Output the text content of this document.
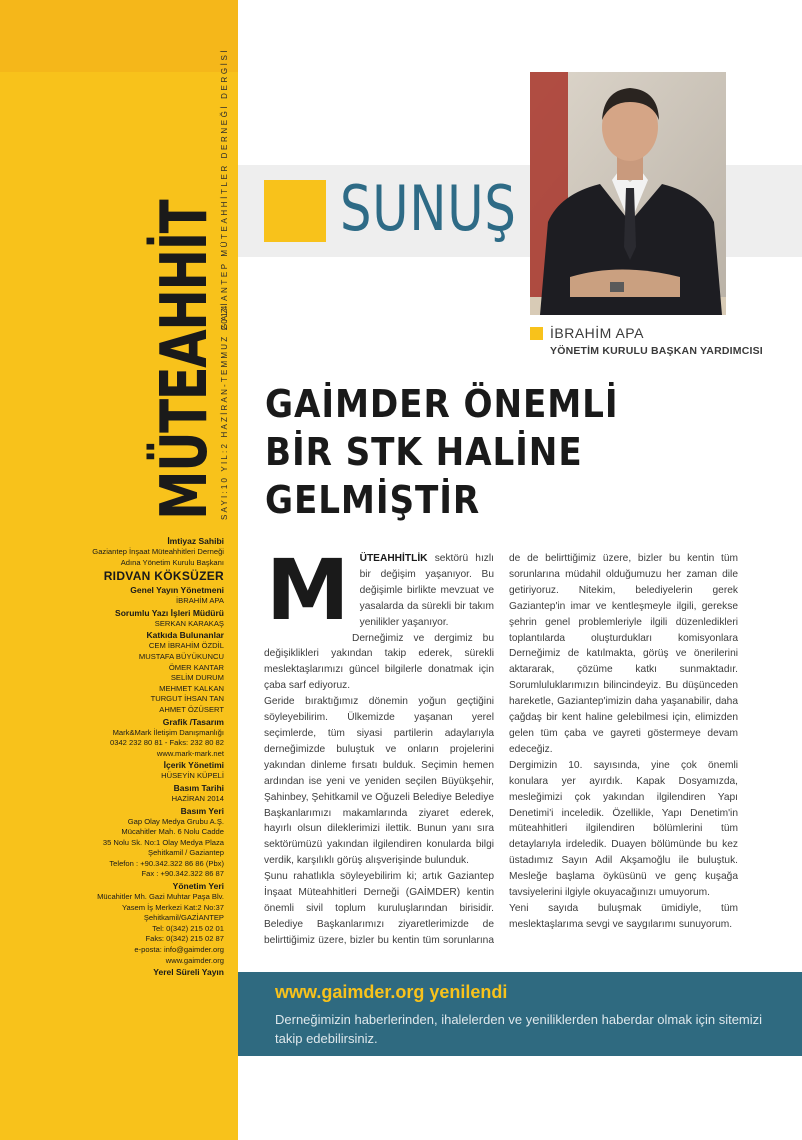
MÜTEAHHİT
SAYI:10 YIL:2 HAZİRAN-TEMMUZ 2014
GAZİANTEP MÜTEAHHİTLER DERNEĞİ DERGİSİ
İmtiyaz Sahibi
Gaziantep İnşaat Müteahhitleri Derneği
Adına Yönetim Kurulu Başkanı
RIDVAN KÖKSÜZER
Genel Yayın Yönetmeni
İBRAHİM APA
Sorumlu Yazı İşleri Müdürü
SERKAN KARAKAŞ
Katkıda Bulunanlar
CEM İBRAHİM ÖZDİL
MUSTAFA BÜYÜKUNCU
ÖMER KANTAR
SELİM DURUM
MEHMET KALKAN
TURGUT İHSAN TAN
AHMET ÖZÜSERT
Grafik /Tasarım
Mark&Mark İletişim Danışmanlığı
0342 232 80 81 - Faks: 232 80 82
www.mark-mark.net
İçerik Yönetimi
HÜSEYİN KÜPELİ
Basım Tarihi
HAZİRAN 2014
Basım Yeri
Gap Olay Medya Grubu A.Ş.
Mücahitler Mah. 6 Nolu Cadde
35 Nolu Sk. No:1 Olay Medya Plaza
Şehitkamil / Gaziantep
Telefon : +90.342.322 86 86 (Pbx)
Fax : +90.342.322 86 87
Yönetim Yeri
Mücahitler Mh. Gazi Muhtar Paşa Blv.
Yasem İş Merkezi Kat:2 No:37
Şehitkamil/GAZİANTEP
Tel: 0(342) 215 02 01
Faks: 0(342) 215 02 87
e-posta: info@gaimder.org
www.gaimder.org
Yerel Süreli Yayın
SUNUŞ
İBRAHİM APA
YÖNETİM KURULU BAŞKAN YARDIMCISI
GAİMDER ÖNEMLİ
BİR STK HALİNE
GELMİŞTİR
M ÜTEAHHİTLİK sektörü hızlı bir değişim yaşanıyor. Bu değişimle birlikte mevzuat ve yasalarda da sürekli bir takım yenilikler yaşanıyor.

Derneğimiz ve dergimiz bu değişiklikleri yakından takip ederek, sürekli meslektaşlarımızı güncel bilgilerle donatmak için çaba sarf ediyoruz.

Geride bıraktığımız dönemin yoğun geçtiğini söyleyebilirim. Ülkemizde yaşanan yerel seçimlerde, tüm siyasi partilerin adaylarıyla derneğimizde buluştuk ve onların projelerini yakından dinleme fırsatı bulduk. Seçimin hemen ardından ise yeni ve yeniden seçilen Büyükşehir, Şahinbey, Şehitkamil ve Oğuzeli Belediye Belediye Başkanlarımızı makamlarında ziyaret ederek, hayırlı olsun dileklerimizi ilettik. Bunun yanı sıra sektörümüzü yakından ilgilendiren konularda bilgi verdik, karşılıklı görüş alışverişinde bulunduk.

Şunu rahatlıkla söyleyebilirim ki; artık Gaziantep İnşaat Müteahhitleri Derneği (GAİMDER) kentin önemli sivil toplum kuruluşlarından birisidir. Belediye Başkanlarımızı ziyaretlerimizde de belirttiğimiz üzere, bizler bu kentin tüm sorunlarına

de de belirttiğimiz üzere, bizler bu kentin tüm sorunlarına müdahil olduğumuzu her zaman dile getiriyoruz. Nitekim, belediyelerin gerek Gaziantep'in imar ve kentleşmeyle ilgili, gerekse şehrin genel problemleriyle ilgili düzenledikleri toplantılarda oluşturdukları komisyonlara Derneğimiz de katılmakta, görüş ve önerilerini aktararak, çözüme katkı sunmaktadır. Sorumluluklarımızın bilincindeyiz. Bu düşünceden hareketle, Gaziantep'imizin daha yaşanabilir, daha çağdaş bir kent haline gelebilmesi için, elimizden gelen tüm çaba ve gayreti göstermeye devam edeceğiz.

Dergimizin 10. sayısında, yine çok önemli konulara yer ayırdık. Kapak Dosyamızda, mesleğimizi çok yakından ilgilendiren Yapı Denetimi'i inceledik. Özellikle, Yapı Denetim'in müteahhitleri ilgilendiren bölümlerini tüm detaylarıyla irdeledik. Duayen bölümünde bu kez üstadımız Sayın Adil Akşamoğlu ile buluştuk. Mesleğe başlama öyküsünü ve genç kuşağa tavsiyelerini ilgiyle okuyacağınızı umuyorum.

Yeni sayıda buluşmak ümidiyle, tüm meslektaşlarıma sevgi ve saygılarımı sunuyorum.

www.gaimder.org yenilendi
Derneğimizin haberlerinden, ihalelerden ve yeniliklerden haberdar olmak için sitemizi takip edebilirsiniz.
